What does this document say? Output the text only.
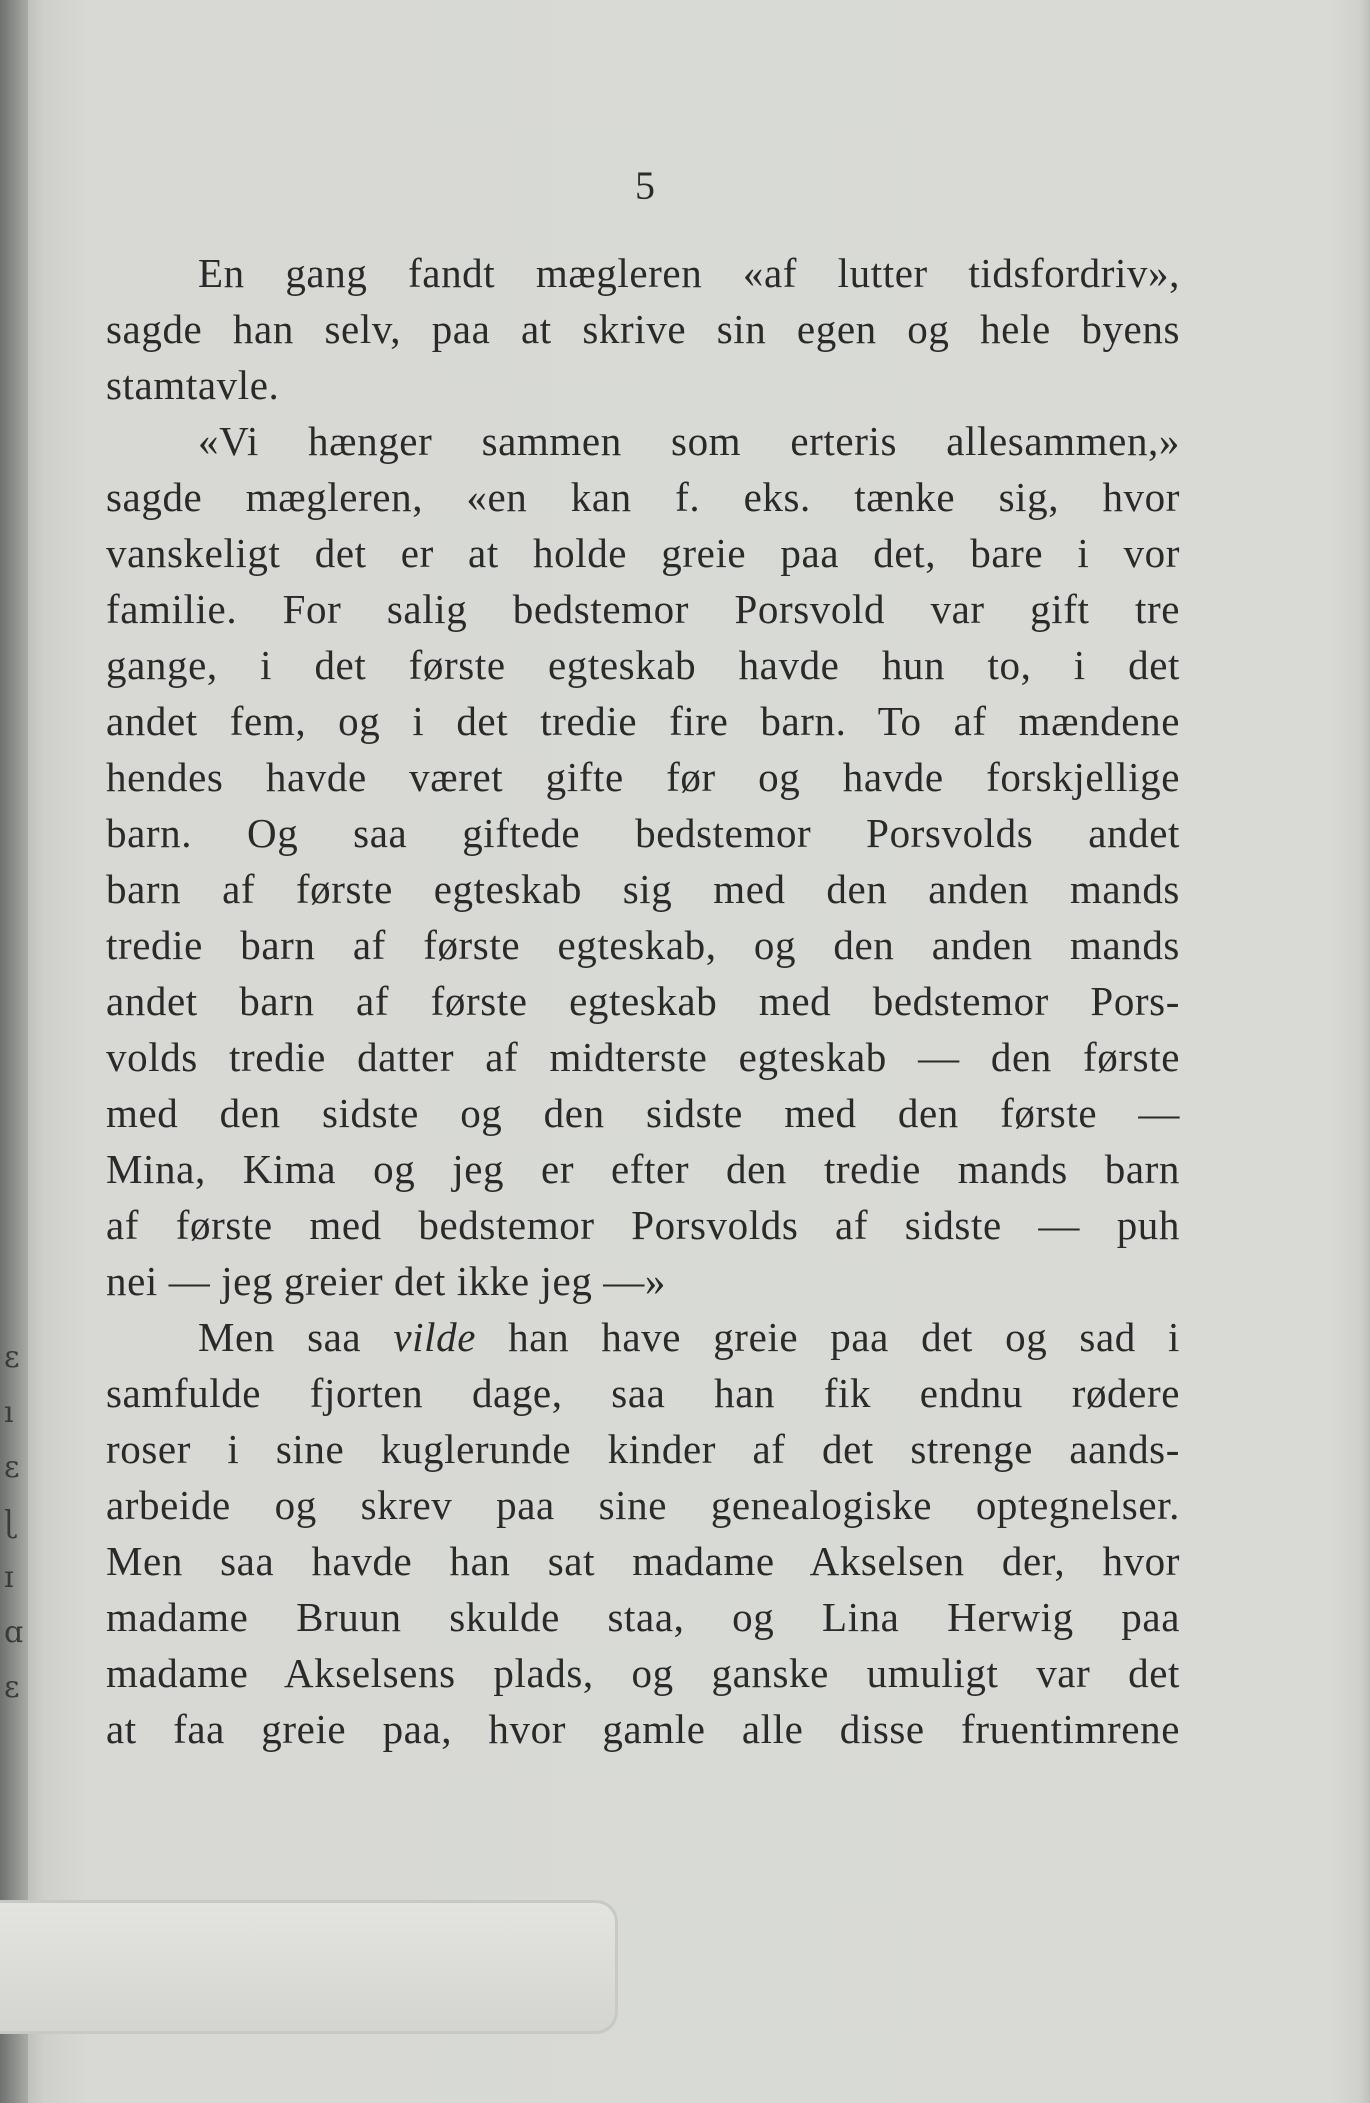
ɛ
ı
ɛ
ɭ
ɪ
ɑ
ɛ
5
En gang fandt mægleren «af lutter tidsfordriv»,
sagde han selv, paa at skrive sin egen og hele byens
stamtavle.
«Vi hænger sammen som erteris allesammen,»
sagde mægleren, «en kan f. eks. tænke sig, hvor
vanskeligt det er at holde greie paa det, bare i vor
familie. For salig bedstemor Porsvold var gift tre
gange, i det første egteskab havde hun to, i det
andet fem, og i det tredie fire barn. To af mændene
hendes havde været gifte før og havde forskjellige
barn. Og saa giftede bedstemor Porsvolds andet
barn af første egteskab sig med den anden mands
tredie barn af første egteskab, og den anden mands
andet barn af første egteskab med bedstemor Pors-
volds tredie datter af midterste egteskab — den første
med den sidste og den sidste med den første —
Mina, Kima og jeg er efter den tredie mands barn
af første med bedstemor Porsvolds af sidste — puh
nei — jeg greier det ikke jeg —»
Men saa vilde han have greie paa det og sad i
samfulde fjorten dage, saa han fik endnu rødere
roser i sine kuglerunde kinder af det strenge aands-
arbeide og skrev paa sine genealogiske optegnelser.
Men saa havde han sat madame Akselsen der, hvor
madame Bruun skulde staa, og Lina Herwig paa
madame Akselsens plads, og ganske umuligt var det
at faa greie paa, hvor gamle alle disse fruentimrene
